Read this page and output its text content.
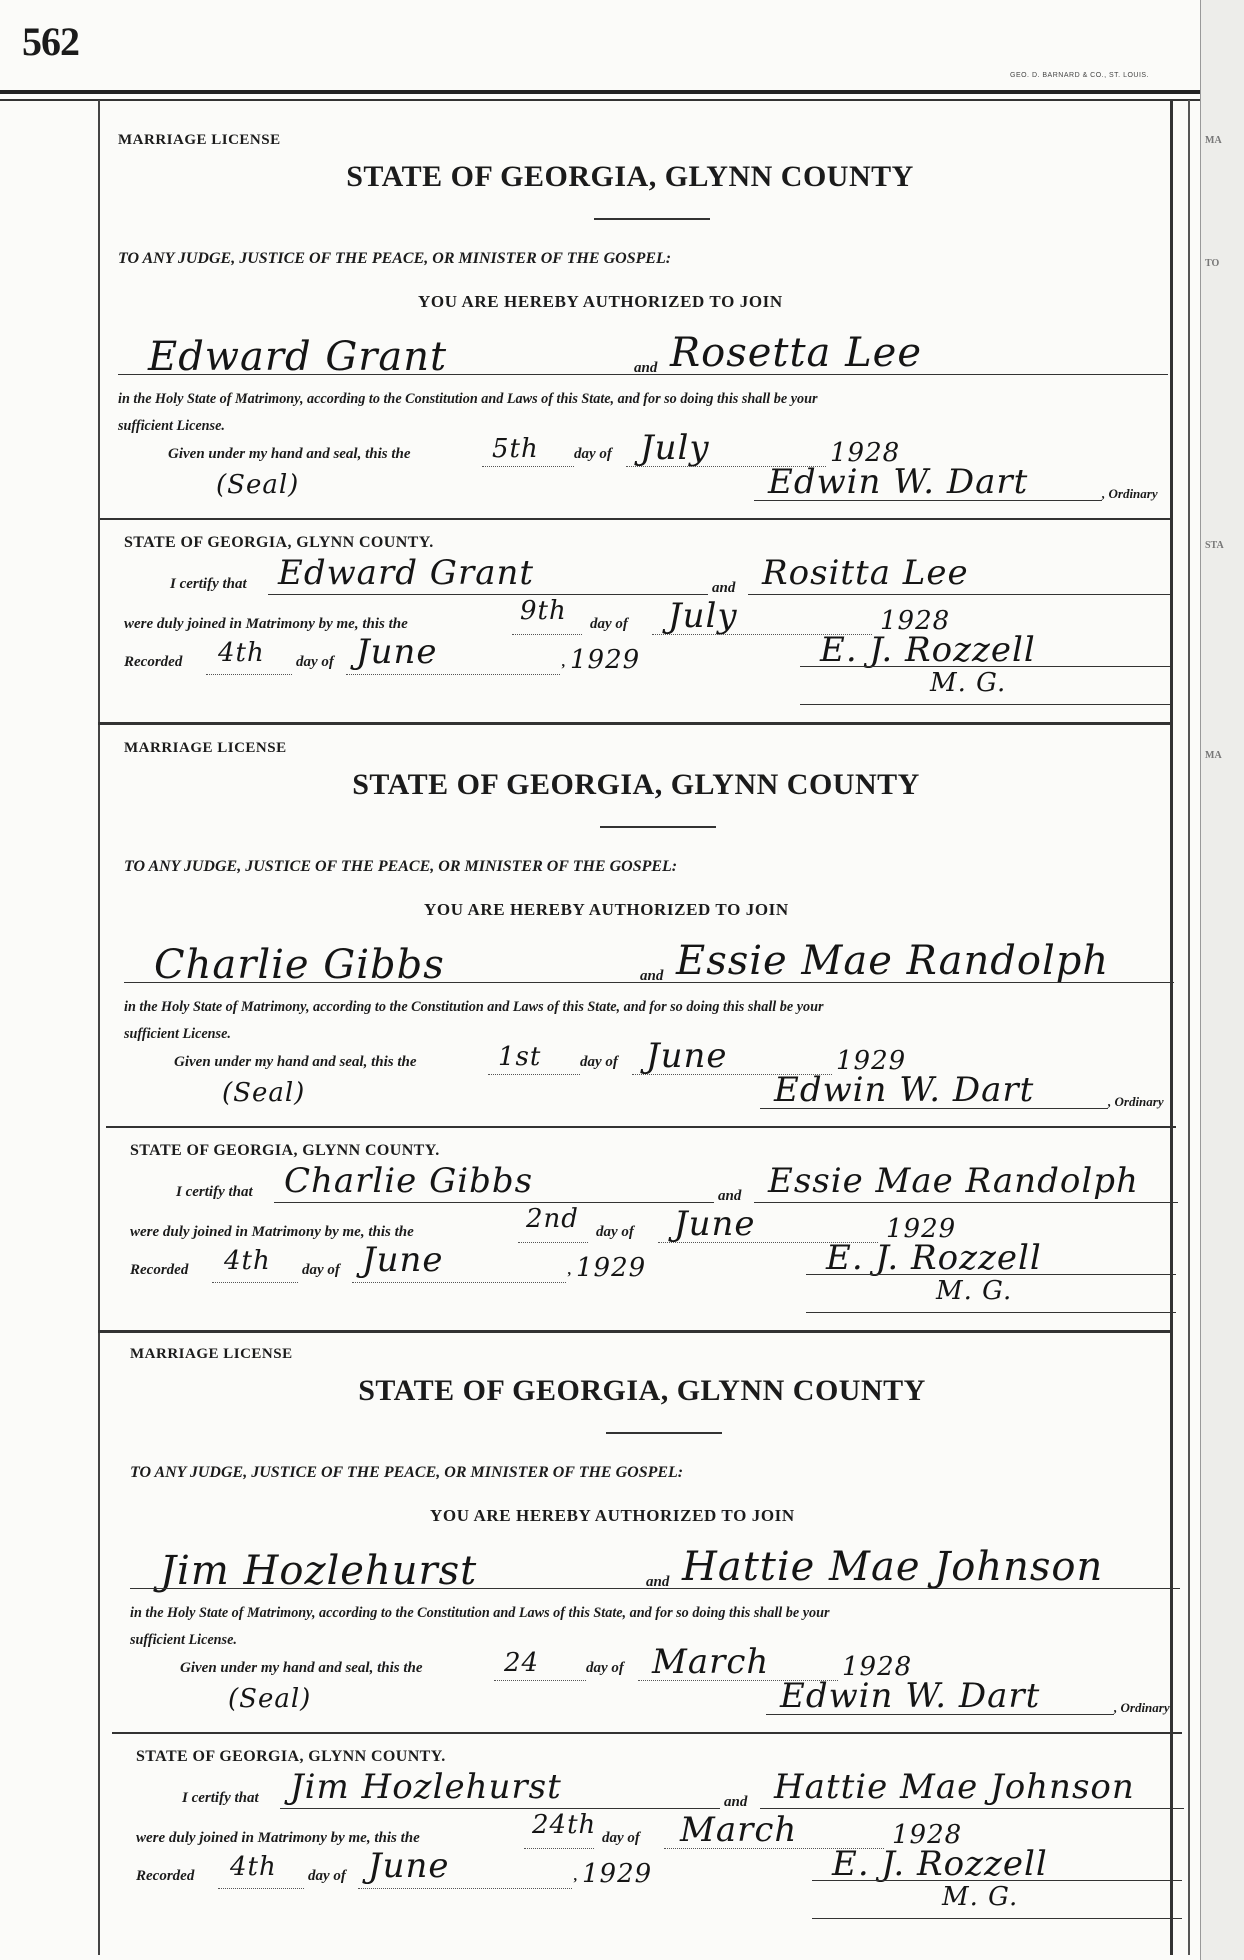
562
GEO. D. BARNARD & CO., ST. LOUIS.
MA
TO
STA
MA
MARRIAGE LICENSE
STATE OF GEORGIA, GLYNN COUNTY
TO ANY JUDGE, JUSTICE OF THE PEACE, OR MINISTER OF THE GOSPEL:
YOU ARE HEREBY AUTHORIZED TO JOIN
Edward Grant	and Rosetta Lee
in the Holy State of Matrimony, according to the Constitution and Laws of this State, and for so doing this shall be your
sufficient License.
Given under my hand and seal, this the	5th day of July	1928
(Seal)	Edwin W. Dart	, Ordinary
STATE OF GEORGIA, GLYNN COUNTY.
I certify that Edward Grant	and Rositta Lee
were duly joined in Matrimony by me, this the	9th day of July	1928
Recorded 4th day of June	, 1929	E. J. Rozzell
M. G.
MARRIAGE LICENSE
STATE OF GEORGIA, GLYNN COUNTY
TO ANY JUDGE, JUSTICE OF THE PEACE, OR MINISTER OF THE GOSPEL:
YOU ARE HEREBY AUTHORIZED TO JOIN
Charlie Gibbs	and Essie Mae Randolph
in the Holy State of Matrimony, according to the Constitution and Laws of this State, and for so doing this shall be your
sufficient License.
Given under my hand and seal, this the	1st	day of June	1929
(Seal)	Edwin W. Dart	, Ordinary
STATE OF GEORGIA, GLYNN COUNTY.
I certify that Charlie Gibbs	and Essie Mae Randolph
were duly joined in Matrimony by me, this the	2nd day of June	1929
Recorded 4th day of June	, 1929	E. J. Rozzell
M. G.
MARRIAGE LICENSE
STATE OF GEORGIA, GLYNN COUNTY
TO ANY JUDGE, JUSTICE OF THE PEACE, OR MINISTER OF THE GOSPEL:
YOU ARE HEREBY AUTHORIZED TO JOIN
Jim Hozlehurst	and Hattie Mae Johnson
in the Holy State of Matrimony, according to the Constitution and Laws of this State, and for so doing this shall be your
sufficient License.
Given under my hand and seal, this the	24	day of March	1928
(Seal)	Edwin W. Dart	, Ordinary
STATE OF GEORGIA, GLYNN COUNTY.
I certify that Jim Hozlehurst	and Hattie Mae Johnson
were duly joined in Matrimony by me, this the	24th day of March	1928
Recorded 4th day of June	, 1929	E. J. Rozzell
M. G.
